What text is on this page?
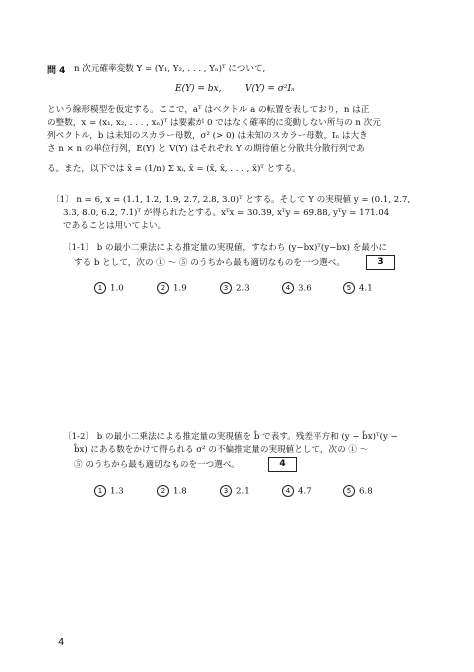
問 4 n 次元確率変数 Y = (Y₁, Y₂, . . . , Yₙ)ᵀ について,
E(Y) = bx,	V(Y) = σ²Iₙ
という線形模型を仮定する。ここで，aᵀ はベクトル a の転置を表しており，n は正
の整数，x = (x₁, x₂, . . . , xₙ)ᵀ は要素が 0 ではなく確率的に変動しない所与の n 次元
列ベクトル，b は未知のスカラー母数，σ² (> 0) は未知のスカラー母数，Iₙ は大き
さ n × n の単位行列，E(Y) と V(Y) はそれぞれ Y の期待値と分散共分散行列であ
る。また，以下では x̄ = (1/n) Σ xᵢ, x̄ = (x̄, x̄, . . . , x̄)ᵀ とする。
〔1〕 n = 6, x = (1.1, 1.2, 1.9, 2.7, 2.8, 3.0)ᵀ とする。そして Y の実現値 y = (0.1, 2.7,
3.3, 8.0, 6.2, 7.1)ᵀ が得られたとする。xᵀx = 30.39, xᵀy = 69.88, yᵀy = 171.04
であることは用いてよい。
〔1-1〕 b の最小二乗法による推定量の実現値，すなわち (y−bx)ᵀ(y−bx) を最小に
する b として，次の ① ～ ⑤ のうちから最も適切なものを一つ選べ。	3
1 1.0	2 1.9	3 2.3	4 3.6	5 4.1
〔1-2〕 b の最小二乗法による推定量の実現値を b̂ で表す。残差平方和 (y − b̂x)ᵀ(y −
b̂x) にある数をかけて得られる σ² の不偏推定量の実現値として，次の ① ～
⑤ のうちから最も適切なものを一つ選べ。	4
1 1.3	2 1.8	3 2.1	4 4.7	5 6.8
4
